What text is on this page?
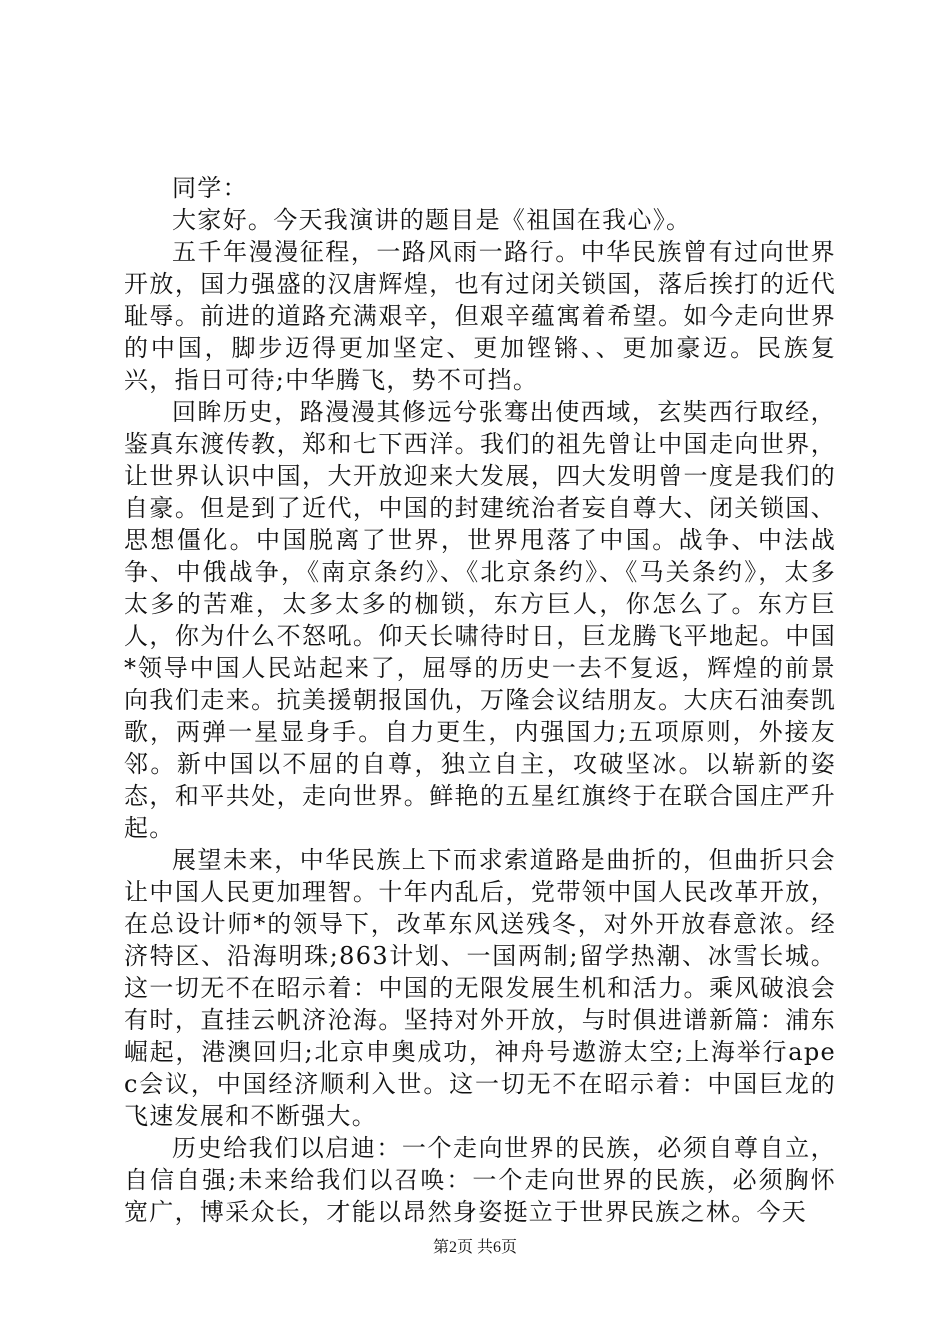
同学：

大家好。今天我演讲的题目是《祖国在我心》。

五千年漫漫征程，一路风雨一路行。中华民族曾有过向世界开放，国力强盛的汉唐辉煌，也有过闭关锁国，落后挨打的近代耻辱。前进的道路充满艰辛，但艰辛蕴寓着希望。如今走向世界的中国，脚步迈得更加坚定、更加铿锵、、更加豪迈。民族复兴，指日可待;中华腾飞，势不可挡。

回眸历史，路漫漫其修远兮张骞出使西域，玄奘西行取经，鉴真东渡传教，郑和七下西洋。我们的祖先曾让中国走向世界，让世界认识中国，大开放迎来大发展，四大发明曾一度是我们的自豪。但是到了近代，中国的封建统治者妄自尊大、闭关锁国、思想僵化。中国脱离了世界，世界甩落了中国。战争、中法战争、中俄战争，《南京条约》、《北京条约》、《马关条约》，太多太多的苦难，太多太多的枷锁，东方巨人，你怎么了。东方巨人，你为什么不怒吼。仰天长啸待时日，巨龙腾飞平地起。中国*领导中国人民站起来了，屈辱的历史一去不复返，辉煌的前景向我们走来。抗美援朝报国仇，万隆会议结朋友。大庆石油奏凯歌，两弹一星显身手。自力更生，内强国力;五项原则，外接友邻。新中国以不屈的自尊，独立自主，攻破坚冰。以崭新的姿态，和平共处，走向世界。鲜艳的五星红旗终于在联合国庄严升起。

展望未来，中华民族上下而求索道路是曲折的，但曲折只会让中国人民更加理智。十年内乱后，党带领中国人民改革开放，在总设计师*的领导下，改革东风送残冬，对外开放春意浓。经济特区、沿海明珠;863计划、一国两制;留学热潮、冰雪长城。这一切无不在昭示着：中国的无限发展生机和活力。乘风破浪会有时，直挂云帆济沧海。坚持对外开放，与时俱进谱新篇：浦东崛起，港澳回归;北京申奥成功，神舟号遨游太空;上海举行apec会议，中国经济顺利入世。这一切无不在昭示着：中国巨龙的飞速发展和不断强大。

历史给我们以启迪：一个走向世界的民族，必须自尊自立，自信自强;未来给我们以召唤：一个走向世界的民族，必须胸怀宽广，博采众长，才能以昂然身姿挺立于世界民族之林。今天

第2页 共6页
